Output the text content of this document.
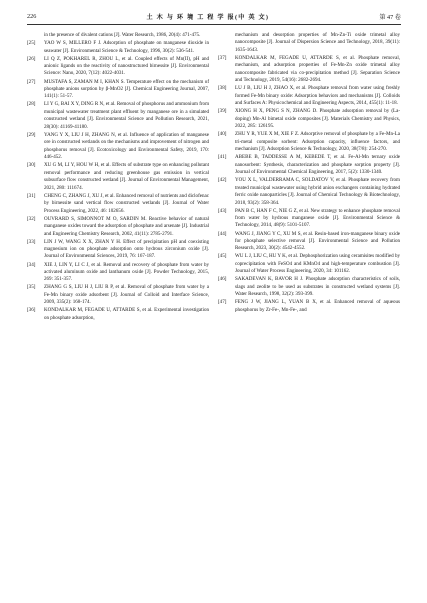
226	土 木 与 环 境 工 程 学 报(中 英 文)	第 47 卷
in the presence of divalent cations [J]. Water Research, 1986, 20(4): 471-475.
[25]	YAO W S, MILLERO F J. Adsorption of phosphate on manganese dioxide in seawater [J]. Environmental Science & Technology, 1996, 30(2): 536-541.
[26]	LI Q Z, POKHAREL R, ZHOU L, et al. Coupled effects of Mn(II), pH and anionic ligands on the reactivity of nanostructured birnessite [J]. Environmental Science: Nano, 2020, 7(12): 4022-4031.
[27]	MUSTAFA S, ZAMAN M I, KHAN S. Temperature effect on the mechanism of phosphate anions sorption by β-MnO2 [J]. Chemical Engineering Journal, 2007, 141(1): 51-57.
[28]	LI Y G, BAI X Y, DING R N, et al. Removal of phosphorus and ammonium from municipal wastewater treatment plant effluent by manganese ore in a simulated constructed wetland [J]. Environmental Science and Pollution Research, 2021, 28(30): 41169-41180.
[29]	YANG Y X, LIU J H, ZHANG N, et al. Influence of application of manganese ore in constructed wetlands on the mechanisms and improvement of nitrogen and phosphorus removal [J]. Ecotoxicology and Environmental Safety, 2019, 170: 446-452.
[30]	XU G M, LI Y, HOU W H, et al. Effects of substrate type on enhancing pollutant removal performance and reducing greenhouse gas emission in vertical subsurface flow constructed wetland [J]. Journal of Environmental Management, 2021, 280: 111674.
[31]	CHENG C, ZHANG J, XU J, et al. Enhanced removal of nutrients and diclofenac by birnessite sand vertical flow constructed wetlands [J]. Journal of Water Process Engineering, 2022, 46: 102656.
[32]	OUVRARD S, SIMONNOT M O, SARDIN M. Reactive behavior of natural manganese oxides toward the adsorption of phosphate and arsenate [J]. Industrial and Engineering Chemistry Research, 2002, 41(11): 2785-2791.
[33]	LIN J W, WANG X X, ZHAN Y H. Effect of precipitation pH and coexisting magnesium ion on phosphate adsorption onto hydrous zirconium oxide [J]. Journal of Environmental Sciences, 2019, 76: 167-187.
[34]	XIE J, LIN Y, LI C J, et al. Removal and recovery of phosphate from water by activated aluminum oxide and lanthanum oxide [J]. Powder Technology, 2015, 269: 351-357.
[35]	ZHANG G S, LIU H J, LIU R P, et al. Removal of phosphate from water by a Fe-Mn binary oxide adsorbent [J]. Journal of Colloid and Interface Science, 2009, 335(2): 168-174.
[36]	KONDALKAR M, FEGADE U, ATTARDE S, et al. Experimental investigation on phosphate adsorption,
mechanism and desorption properties of Mn-Zn-Ti oxide trimetal alloy nanocomposite [J]. Journal of Dispersion Science and Technology, 2018, 39(11): 1635-1643.
[37]	KONDALKAR M, FEGADE U, ATTARDE S, et al. Phosphate removal, mechanism, and adsorption properties of Fe-Mn-Zn oxide trimetal alloy nanocomposite fabricated via co-precipitation method [J]. Separation Science and Technology, 2019, 54(16): 2682-2694.
[38]	LU J B, LIU H J, ZHAO X, et al. Phosphate removal from water using freshly formed Fe-Mn binary oxide: Adsorption behaviors and mechanisms [J]. Colloids and Surfaces A: Physicochemical and Engineering Aspects, 2014, 455(1): 11-18.
[39]	XIONG H X, PENG S N, ZHANG D. Phosphate adsorption removal by (La-doping) Mn-Al bimetal oxide composites [J]. Materials Chemistry and Physics, 2022, 285: 126195.
[40]	ZHU Y R, YUE X M, XIE F Z. Adsorptive removal of phosphate by a Fe-Mn-La tri-metal composite sorbent: Adsorption capacity, influence factors, and mechanism [J]. Adsorption Science & Technology, 2020, 38(7/8): 254-270.
[41]	ABEBE B, TADDESSE A M, KEBEDE T, et al. Fe-Al-Mn ternary oxide nanosorbent: Synthesis, characterization and phosphate sorption property [J]. Journal of Environmental Chemical Engineering, 2017, 5(2): 1330-1340.
[42]	YOU X L, VALDERRAMA C, SOLDATOV V, et al. Phosphate recovery from treated municipal wastewater using hybrid anion exchangers containing hydrated ferric oxide nanoparticles [J]. Journal of Chemical Technology & Biotechnology, 2018, 93(2): 358-364.
[43]	PAN B C, HAN F C, NIE G Z, et al. New strategy to enhance phosphate removal from water by hydrous manganese oxide [J]. Environmental Science & Technology, 2014, 48(9): 5101-5107.
[44]	WANG J, JIANG Y C, XU M S, et al. Resin-based iron-manganese binary oxide for phosphate selective removal [J]. Environmental Science and Pollution Research, 2023, 30(2): 4542-4552.
[45]	WU L J, LIU C, HU Y K, et al. Dephosphorization using ceramisites modified by coprecipitation with FeSO4 and KMnO4 and high-temperature combustion [J]. Journal of Water Process Engineering, 2020, 34: 101162.
[46]	SAKADEVAN K, BAVOR H J. Phosphate adsorption characteristics of soils, slags and zeolite to be used as substrates in constructed wetland systems [J]. Water Research, 1998, 32(2): 393-399.
[47]	FENG J W, JIANG L, YUAN B X, et al. Enhanced removal of aqueous phosphorus by Zr-Fe-, Mn-Fe-, and
